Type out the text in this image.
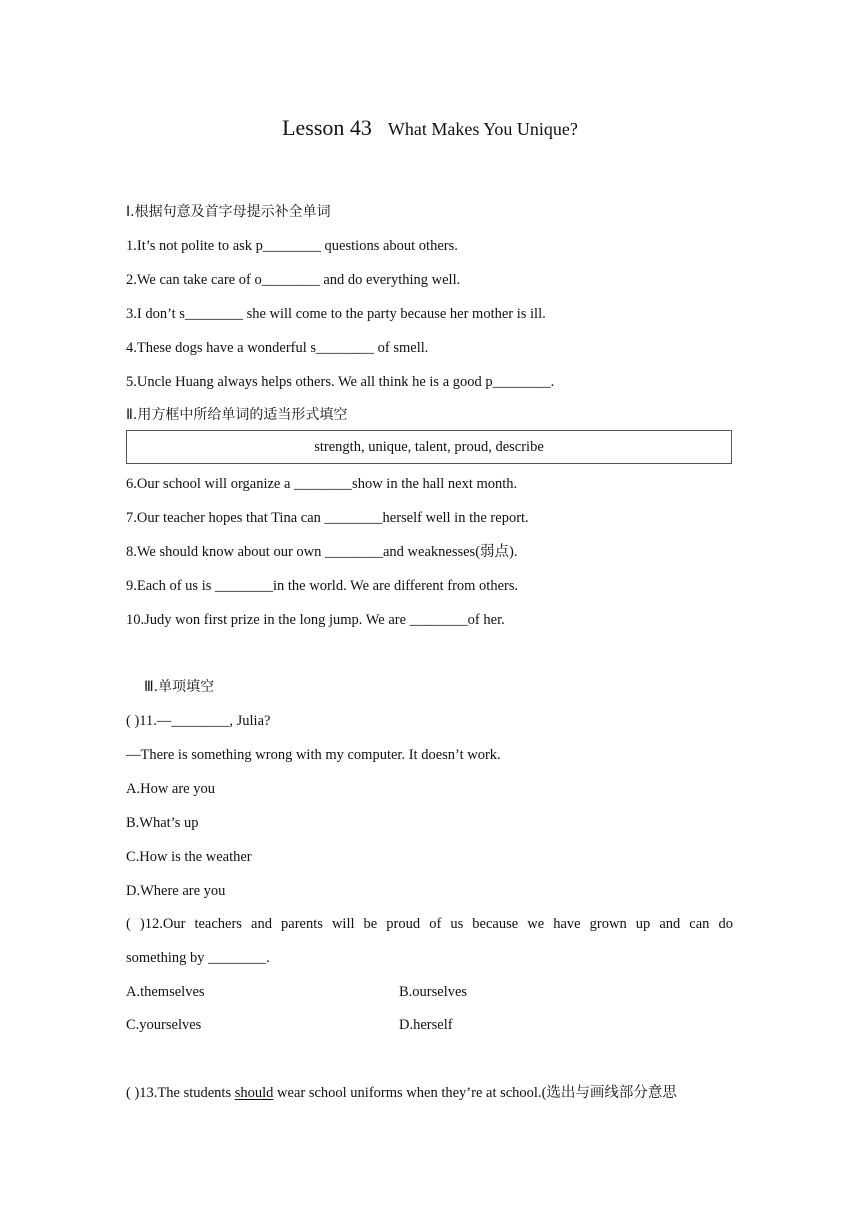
Lesson 43 What Makes You Unique?
Ⅰ.根据句意及首字母提示补全单词
1.It’s not polite to ask p________ questions about others.
2.We can take care of o________ and do everything well.
3.I don’t s________ she will come to the party because her mother is ill.
4.These dogs have a wonderful s________ of smell.
5.Uncle Huang always helps others. We all think he is a good p________.
Ⅱ.用方框中所给单词的适当形式填空
strength, unique, talent, proud, describe
6.Our school will organize a ________show in the hall next month.
7.Our teacher hopes that Tina can ________herself well in the report.
8.We should know about our own ________and weaknesses(弱点).
9.Each of us is ________in the world. We are different from others.
10.Judy won first prize in the long jump. We are ________of her.
Ⅲ.单项填空
( )11.—________, Julia?
—There is something wrong with my computer. It doesn’t work.
A.How are you
B.What’s up
C.How is the weather
D.Where are you
( )12.Our teachers and parents will be proud of us because we have grown up and can do
something by ________.
A.themselves	B.ourselves
C.yourselves	D.herself
( )13.The students should wear school uniforms when they’re at school.(选出与画线部分意思
